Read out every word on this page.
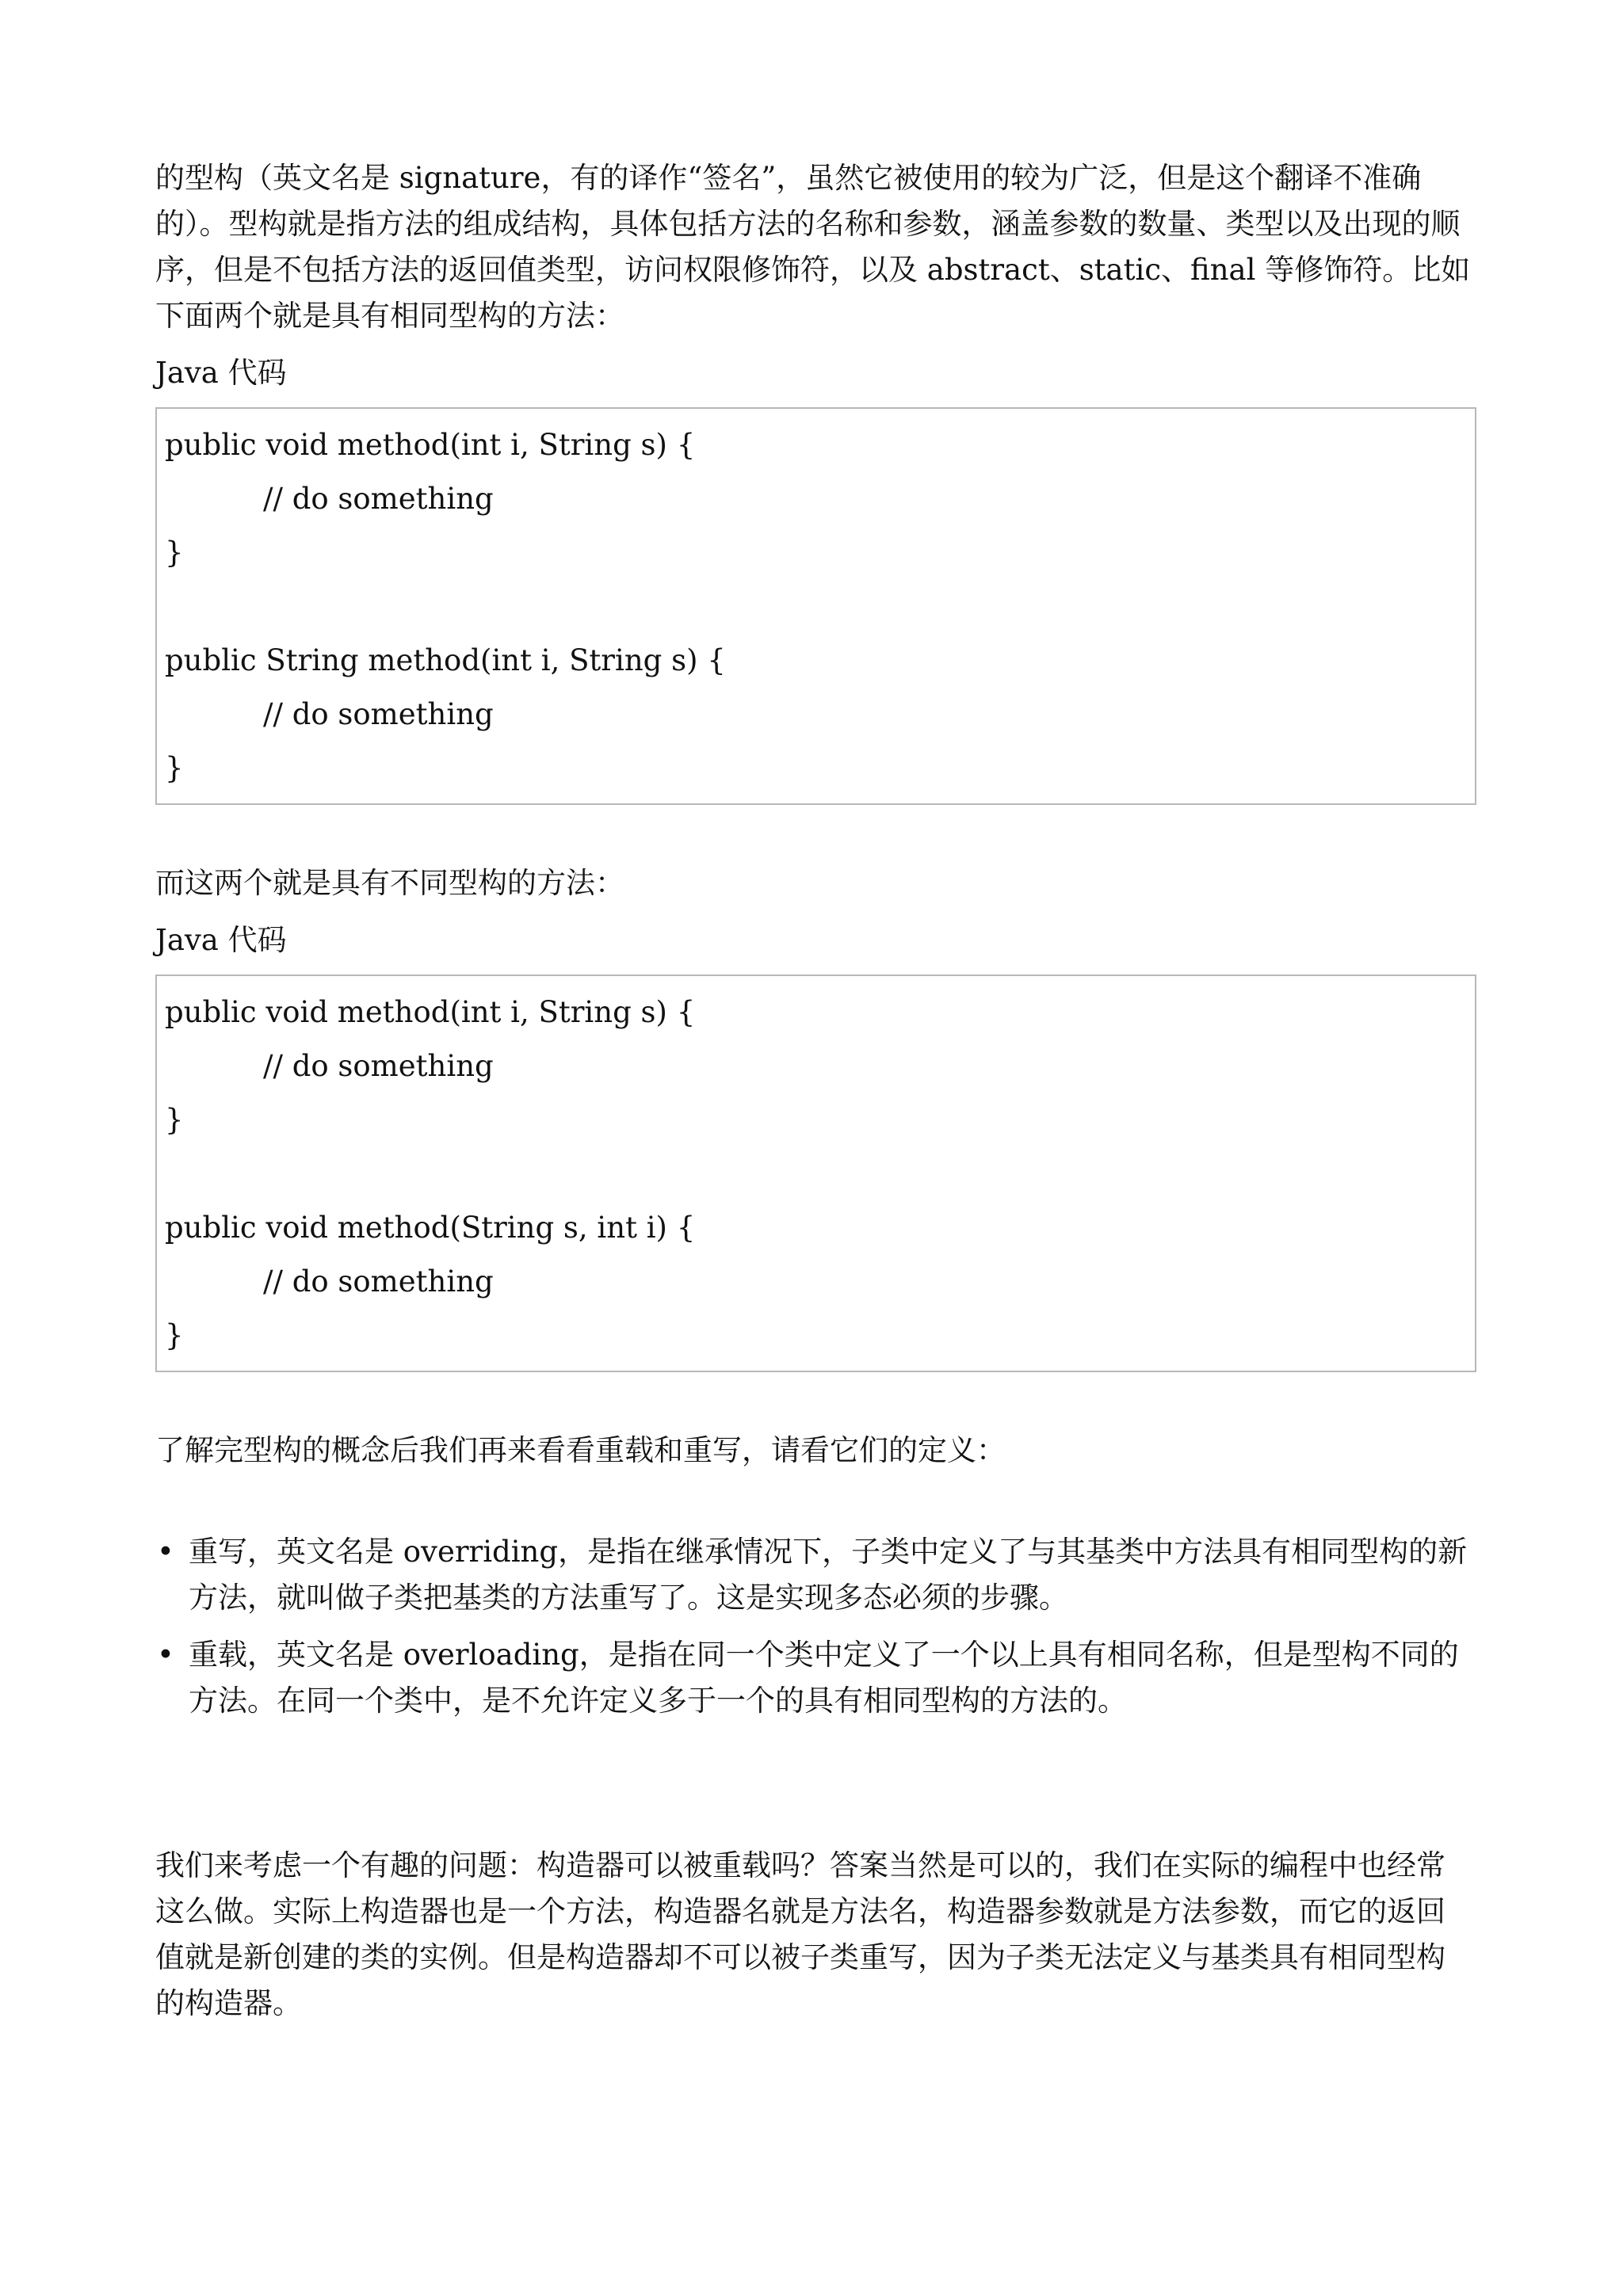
的型构（英文名是 signature，有的译作“签名”，虽然它被使用的较为广泛，但是这个翻译不准确的）。型构就是指方法的组成结构，具体包括方法的名称和参数，涵盖参数的数量、类型以及出现的顺序，但是不包括方法的返回值类型，访问权限修饰符，以及 abstract、static、final 等修饰符。比如下面两个就是具有相同型构的方法：

Java 代码

public void method(int i, String s) {
// do something
}
public String method(int i, String s) {
// do something
}

而这两个就是具有不同型构的方法：

Java 代码

public void method(int i, String s) {
// do something
}
public void method(String s, int i) {
// do something
}

了解完型构的概念后我们再来看看重载和重写，请看它们的定义：

• 重写，英文名是 overriding，是指在继承情况下，子类中定义了与其基类中方法具有相同型构的新方法，就叫做子类把基类的方法重写了。这是实现多态必须的步骤。
• 重载，英文名是 overloading，是指在同一个类中定义了一个以上具有相同名称，但是型构不同的方法。在同一个类中，是不允许定义多于一个的具有相同型构的方法的。

我们来考虑一个有趣的问题：构造器可以被重载吗？答案当然是可以的，我们在实际的编程中也经常这么做。实际上构造器也是一个方法，构造器名就是方法名，构造器参数就是方法参数，而它的返回值就是新创建的类的实例。但是构造器却不可以被子类重写，因为子类无法定义与基类具有相同型构的构造器。
